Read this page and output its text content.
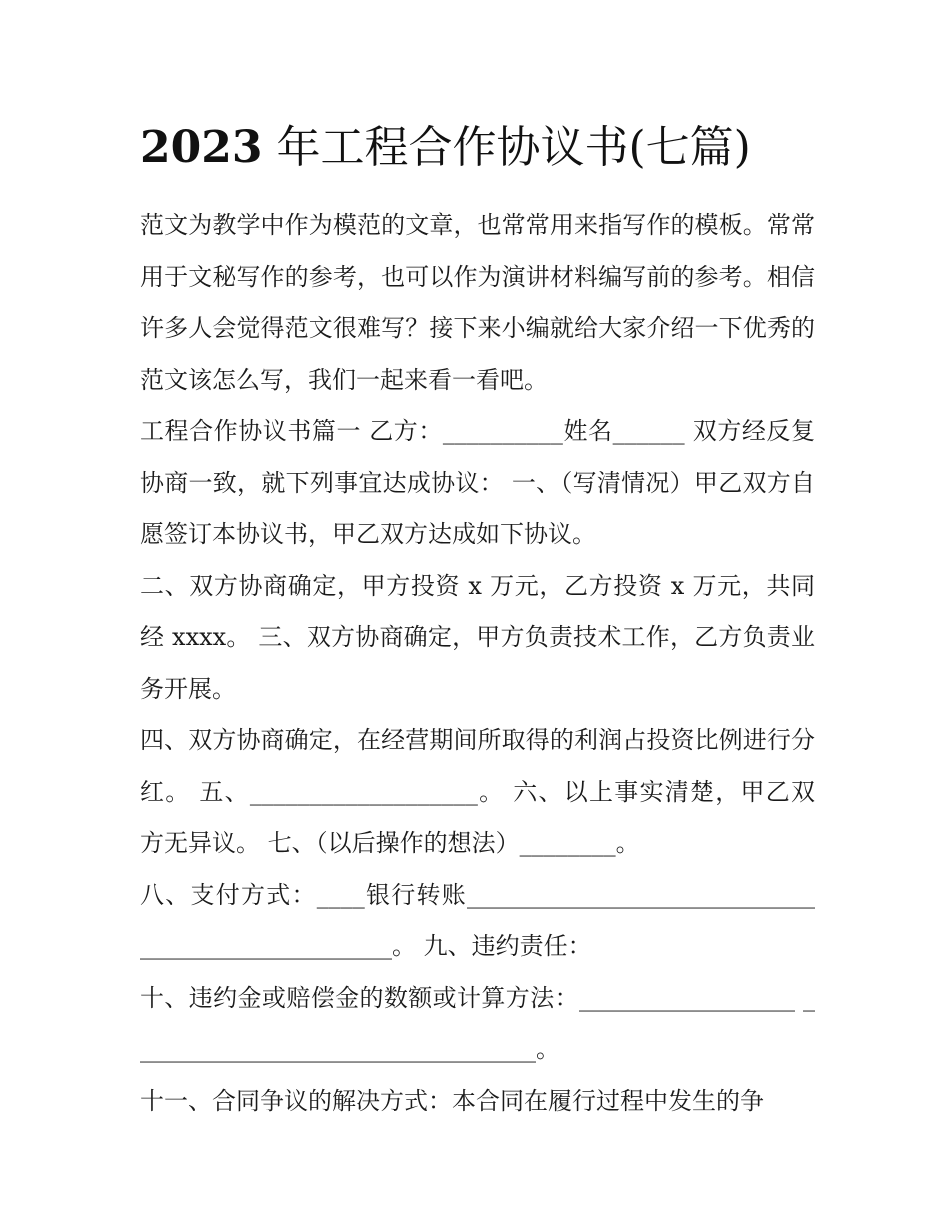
2023 年工程合作协议书(七篇)

范文为教学中作为模范的文章，也常常用来指写作的模板。常常用于文秘写作的参考，也可以作为演讲材料编写前的参考。相信许多人会觉得范文很难写？接下来小编就给大家介绍一下优秀的范文该怎么写，我们一起来看一看吧。

工程合作协议书篇一 乙方：__________姓名______ 双方经反复协商一致，就下列事宜达成协议： 一、（写清情况）甲乙双方自愿签订本协议书，甲乙双方达成如下协议。

二、双方协商确定，甲方投资 x 万元，乙方投资 x 万元，共同经 xxxx。 三、双方协商确定，甲方负责技术工作，乙方负责业务开展。

四、双方协商确定，在经营期间所取得的利润占投资比例进行分红。 五、___________________。 六、以上事实清楚，甲乙双方无异议。 七、（以后操作的想法）________。

八、支付方式：____银行转账_____________________________ _____________________。 九、违约责任：

十、违约金或赔偿金的数额或计算方法：__________________ __________________________________。

十一、合同争议的解决方式：本合同在履行过程中发生的争
